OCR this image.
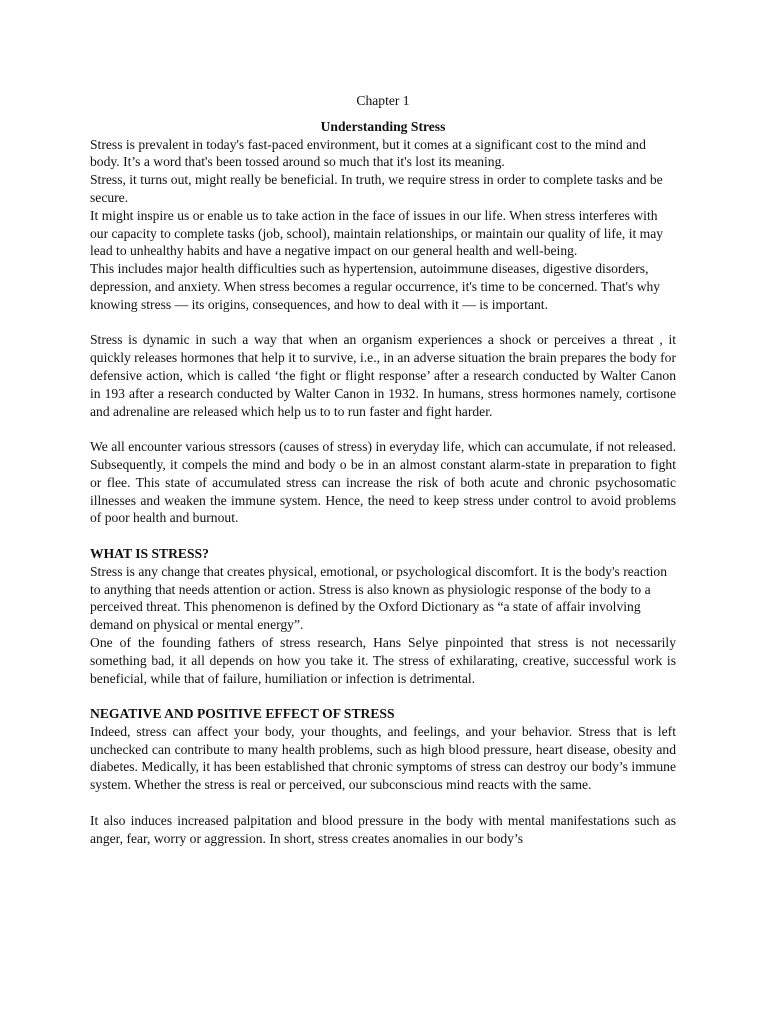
Chapter 1

Understanding Stress

Stress is prevalent in today's fast-paced environment, but it comes at a significant cost to the mind and body. It’s a word that's been tossed around so much that it's lost its meaning.

Stress, it turns out, might really be beneficial. In truth, we require stress in order to complete tasks and be secure.

It might inspire us or enable us to take action in the face of issues in our life. When stress interferes with our capacity to complete tasks (job, school), maintain relationships, or maintain our quality of life, it may lead to unhealthy habits and have a negative impact on our general health and well-being.

This includes major health difficulties such as hypertension, autoimmune diseases, digestive disorders, depression, and anxiety. When stress becomes a regular occurrence, it's time to be concerned. That's why knowing stress — its origins, consequences, and how to deal with it — is important.

Stress is dynamic in such a way that when an organism experiences a shock or perceives a threat , it quickly releases hormones that help it to survive, i.e., in an adverse situation the brain prepares the body for defensive action, which is called ‘the fight or flight response’ after a research conducted by Walter Canon in 193 after a research conducted by Walter Canon in 1932. In humans, stress hormones namely, cortisone and adrenaline are released which help us to to run faster and fight harder.

We all encounter various stressors (causes of stress) in everyday life, which can accumulate, if not released. Subsequently, it compels the mind and body o be in an almost constant alarm-state in preparation to fight or flee. This state of accumulated stress can increase the risk of both acute and chronic psychosomatic illnesses and weaken the immune system. Hence, the need to keep stress under control to avoid problems of poor health and burnout.

WHAT IS STRESS?

Stress is any change that creates physical, emotional, or psychological discomfort. It is the body's reaction to anything that needs attention or action. Stress is also known as physiologic response of the body to a perceived threat. This phenomenon is defined by the Oxford Dictionary as “a state of affair involving demand on physical or mental energy”.

One of the founding fathers of stress research, Hans Selye pinpointed that stress is not necessarily something bad, it all depends on how you take it. The stress of exhilarating, creative, successful work is beneficial, while that of failure, humiliation or infection is detrimental.

NEGATIVE AND POSITIVE EFFECT OF STRESS

Indeed, stress can affect your body, your thoughts, and feelings, and your behavior. Stress that is left unchecked can contribute to many health problems, such as high blood pressure, heart disease, obesity and diabetes. Medically, it has been established that chronic symptoms of stress can destroy our body’s immune system. Whether the stress is real or perceived, our subconscious mind reacts with the same.

It also induces increased palpitation and blood pressure in the body with mental manifestations such as anger, fear, worry or aggression. In short, stress creates anomalies in our body’s
